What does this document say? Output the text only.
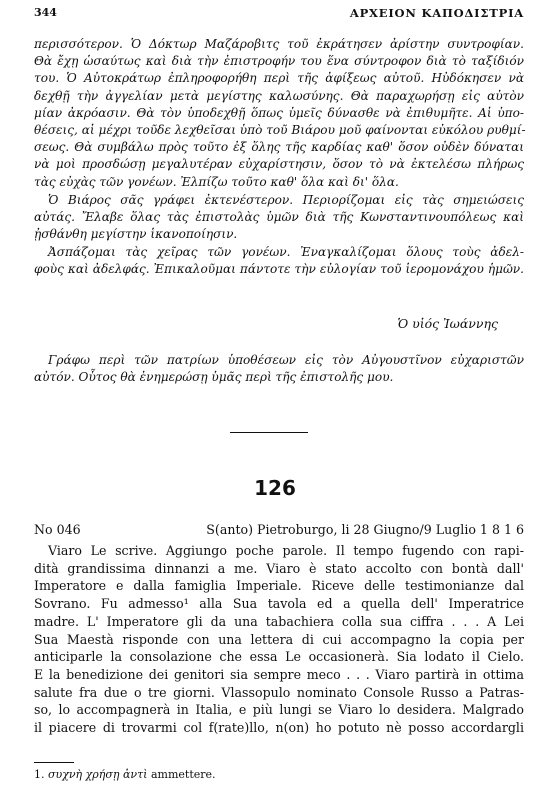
344	ΑΡΧΕΙΟΝ ΚΑΠΟΔΙΣΤΡΙΑ
περισσότερον. Ὁ Δόκτωρ Μαζάροβιτς τοῦ ἐκράτησεν ἀρίστην συντροφίαν.
Θὰ ἔχῃ ὡσαύτως καὶ διὰ τὴν ἐπιστροφήν του ἕνα σύντροφον διὰ τὸ ταξίδιόν
του. Ὁ Αὐτοκράτωρ ἐπληροφορήθη περὶ τῆς ἀφίξεως αὐτοῦ. Ηὐδόκησεν νὰ
δεχθῇ τὴν ἀγγελίαν μετὰ μεγίστης καλωσύνης. Θὰ παραχωρήσῃ εἰς αὐτὸν
μίαν ἀκρόασιν. Θὰ τὸν ὑποδεχθῇ ὅπως ὑμεῖς δύνασθε νὰ ἐπιθυμῆτε. Αἱ ὑπο-
θέσεις, αἱ μέχρι τοῦδε λεχθεῖσαι ὑπὸ τοῦ Βιάρου μοῦ φαίνονται εὐκόλου ρυθμί-
σεως. Θὰ συμβάλω πρὸς τοῦτο ἐξ ὅλης τῆς καρδίας καθ' ὅσον οὐδὲν δύναται
νὰ μοὶ προσδώσῃ μεγαλυτέραν εὐχαρίστησιν, ὅσον τὸ νὰ ἐκτελέσω πλήρως
τὰς εὐχὰς τῶν γονέων. Ἐλπίζω τοῦτο καθ' ὅλα καὶ δι' ὅλα.
Ὁ Βιάρος σᾶς γράφει ἐκτενέστερον. Περιορίζομαι εἰς τὰς σημειώσεις
αὐτάς. Ἔλαβε ὅλας τὰς ἐπιστολὰς ὑμῶν διὰ τῆς Κωνσταντινουπόλεως καὶ
ᾐσθάνθη μεγίστην ἱκανοποίησιν.
Ἀσπάζομαι τὰς χεῖρας τῶν γονέων. Ἐναγκαλίζομαι ὅλους τοὺς ἀδελ-
φοὺς καὶ ἀδελφάς. Ἐπικαλοῦμαι πάντοτε τὴν εὐλογίαν τοῦ ἱερομονάχου ἡμῶν.
Ὁ υἱός Ἰωάννης
Γράφω περὶ τῶν πατρίων ὑποθέσεων εἰς τὸν Αὐγουστῖνον εὐχαριστῶν
αὐτόν. Οὗτος θὰ ἐνημερώσῃ ὑμᾶς περὶ τῆς ἐπιστολῆς μου.
126
No 046	S(anto) Pietroburgo, li 28 Giugno/9 Luglio 1 8 1 6
Viaro Le scrive. Aggiungo poche parole. Il tempo fugendo con rapi-
dità grandissima dinnanzi a me. Viaro è stato accolto con bontà dall'
Imperatore e dalla famiglia Imperiale. Riceve delle testimonianze dal
Sovrano. Fu admesso¹ alla Sua tavola ed a quella dell' Imperatrice
madre. L' Imperatore gli da una tabachiera colla sua ciffra . . . A Lei
Sua Maestà risponde con una lettera di cui accompagno la copia per
anticiparle la consolazione che essa Le occasionerà. Sia lodato il Cielo.
E la benedizione dei genitori sia sempre meco . . . Viaro partirà in ottima
salute fra due o tre giorni. Vlassopulo nominato Console Russo a Patras-
so, lo accompagnerà in Italia, e più lungi se Viaro lo desidera. Malgrado
il piacere di trovarmi col f(rate)llo, n(on) ho potuto nè posso accordargli
1. συχνὴ χρήσῃ ἀντὶ ammettere.
